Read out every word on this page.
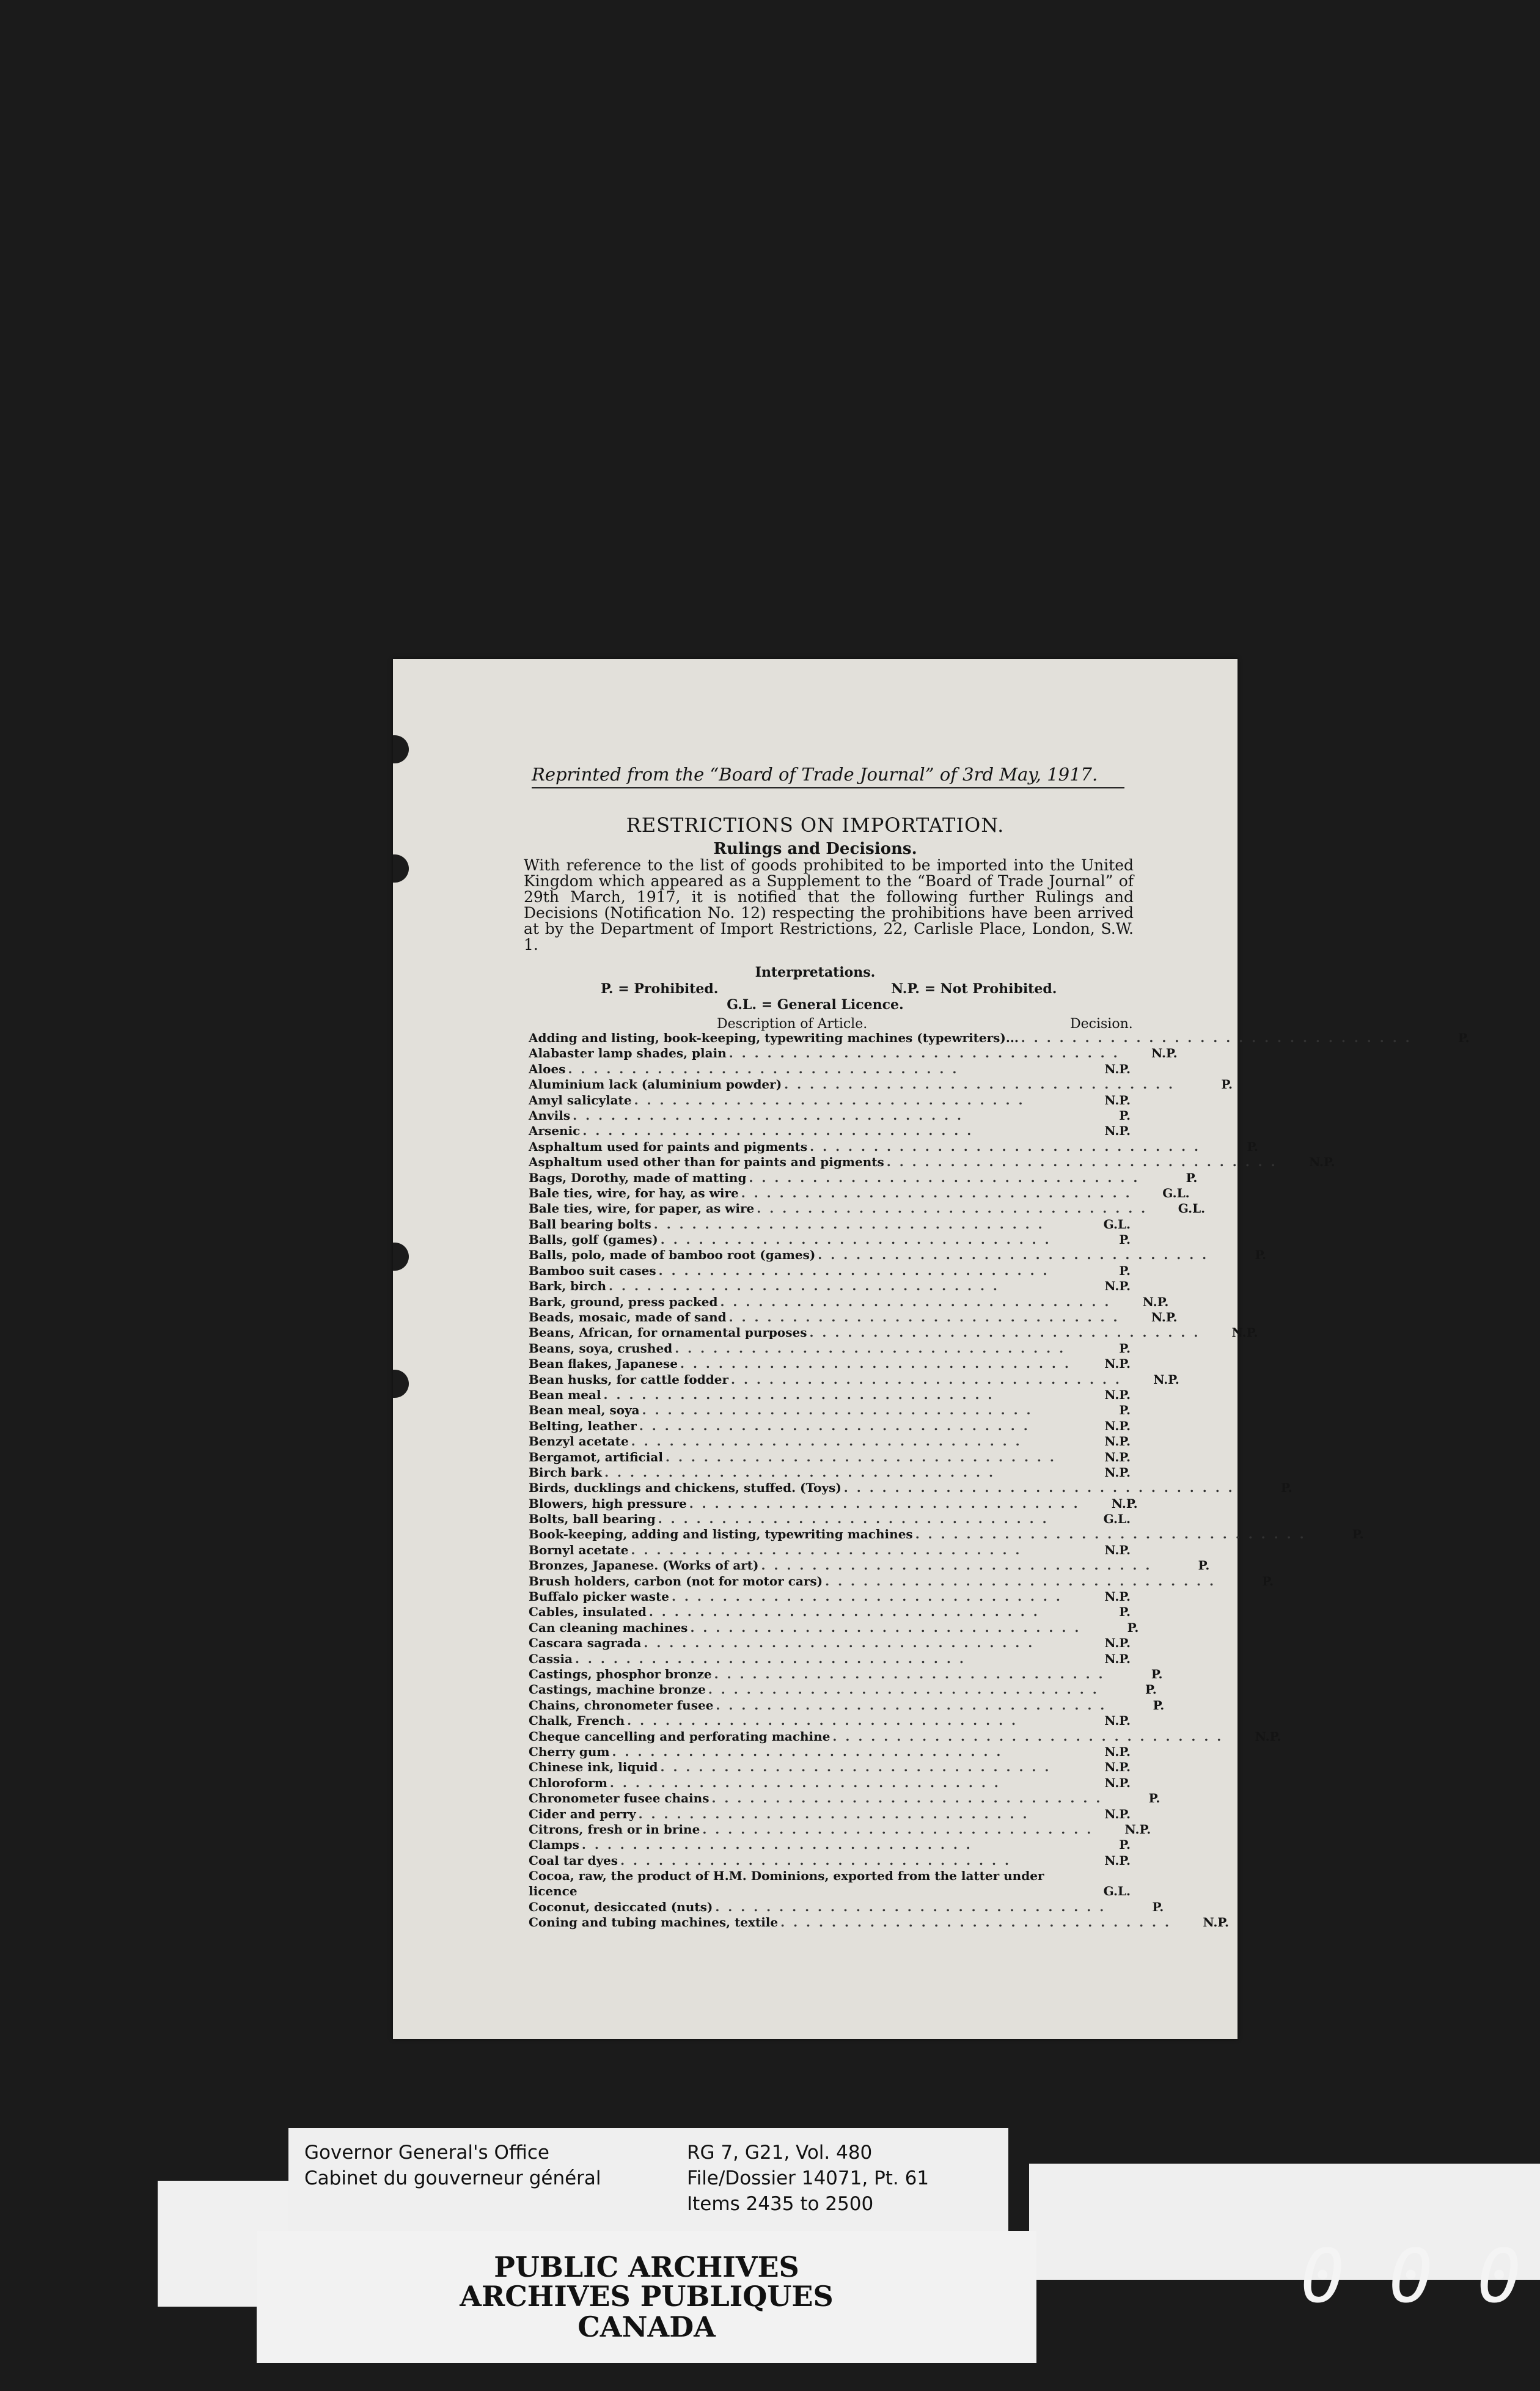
Reprinted from the “Board of Trade Journal” of 3rd May, 1917.
RESTRICTIONS ON IMPORTATION.
Rulings and Decisions.

With reference to the list of goods prohibited to be imported into the United Kingdom which appeared as a Supplement to the “Board of Trade Journal” of 29th March, 1917, it is notified that the following further Rulings and Decisions (Notification No. 12) respecting the prohibitions have been arrived at by the Department of Import Restrictions, 22, Carlisle Place, London, S.W. 1.

Interpretations.
P. = Prohibited.	N.P. = Not Prohibited.
G.L. = General Licence.
Description of Article.	Decision.
Adding and listing, book-keeping, typewriting machines (typewriters)... ...............................	P.
Alabaster lamp shades, plain ...............................	N.P.
Aloes ...............................	N.P.
Aluminium lack (aluminium powder) ...............................	P.
Amyl salicylate ...............................	N.P.
Anvils ...............................	P.
Arsenic ...............................	N.P.
Asphaltum used for paints and pigments ...............................	P.
Asphaltum used other than for paints and pigments ...............................	N.P.
Bags, Dorothy, made of matting ...............................	P.
Bale ties, wire, for hay, as wire ...............................	G.L.
Bale ties, wire, for paper, as wire ...............................	G.L.
Ball bearing bolts ...............................	G.L.
Balls, golf (games) ...............................	P.
Balls, polo, made of bamboo root (games) ...............................	P.
Bamboo suit cases ...............................	P.
Bark, birch ...............................	N.P.
Bark, ground, press packed ...............................	N.P.
Beads, mosaic, made of sand ...............................	N.P.
Beans, African, for ornamental purposes ...............................	N.P.
Beans, soya, crushed ...............................	P.
Bean flakes, Japanese ...............................	N.P.
Bean husks, for cattle fodder ...............................	N.P.
Bean meal ...............................	N.P.
Bean meal, soya ...............................	P.
Belting, leather ...............................	N.P.
Benzyl acetate ...............................	N.P.
Bergamot, artificial ...............................	N.P.
Birch bark ...............................	N.P.
Birds, ducklings and chickens, stuffed. (Toys) ...............................	P.
Blowers, high pressure ...............................	N.P.
Bolts, ball bearing ...............................	G.L.
Book-keeping, adding and listing, typewriting machines ...............................	P.
Bornyl acetate ...............................	N.P.
Bronzes, Japanese. (Works of art) ...............................	P.
Brush holders, carbon (not for motor cars) ...............................	P.
Buffalo picker waste ...............................	N.P.
Cables, insulated ...............................	P.
Can cleaning machines ...............................	P.
Cascara sagrada ...............................	N.P.
Cassia ...............................	N.P.
Castings, phosphor bronze ...............................	P.
Castings, machine bronze ...............................	P.
Chains, chronometer fusee ...............................	P.
Chalk, French ...............................	N.P.
Cheque cancelling and perforating machine ...............................	N.P.
Cherry gum ...............................	N.P.
Chinese ink, liquid ...............................	N.P.
Chloroform ...............................	N.P.
Chronometer fusee chains ...............................	P.
Cider and perry ...............................	N.P.
Citrons, fresh or in brine ...............................	N.P.
Clamps ...............................	P.
Coal tar dyes ...............................	N.P.
Cocoa, raw, the product of H.M. Dominions, exported from the latter under licence	G.L.
Coconut, desiccated (nuts) ...............................	P.
Coning and tubing machines, textile ...............................	N.P.
Governor General's Office
Cabinet du gouverneur général
RG 7, G21, Vol. 480
File/Dossier 14071, Pt. 61
Items 2435 to 2500
PUBLIC ARCHIVES
ARCHIVES PUBLIQUES
CANADA
0 0 0
